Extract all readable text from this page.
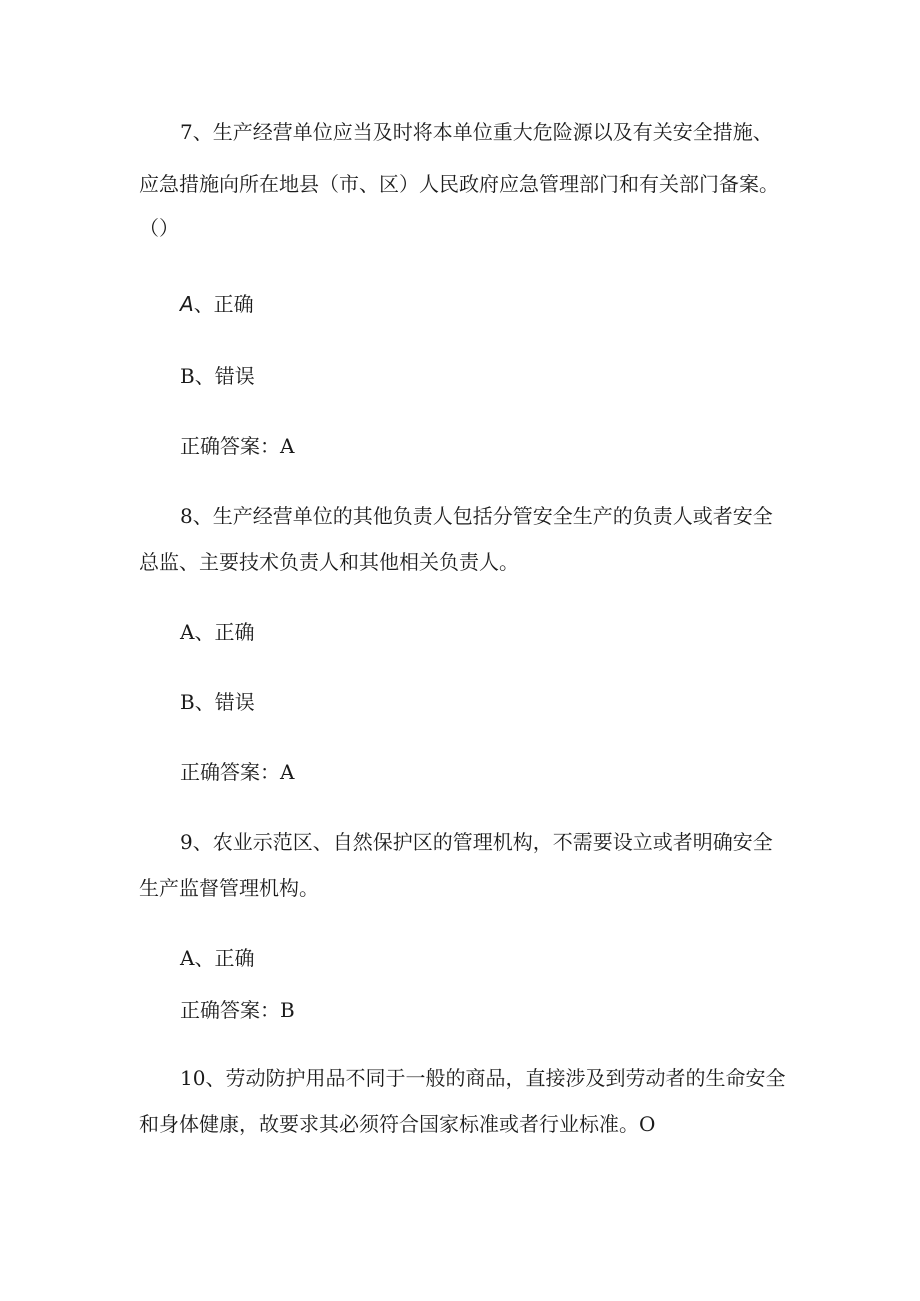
7、生产经营单位应当及时将本单位重大危险源以及有关安全措施、
应急措施向所在地县（市、区）人民政府应急管理部门和有关部门备案。
（）
A、正确
B、错误
正确答案：A
8、生产经营单位的其他负责人包括分管安全生产的负责人或者安全
总监、主要技术负责人和其他相关负责人。
A、正确
B、错误
正确答案：A
9、农业示范区、自然保护区的管理机构，不需要设立或者明确安全
生产监督管理机构。
A、正确
正确答案：B
10、劳动防护用品不同于一般的商品，直接涉及到劳动者的生命安全
和身体健康，故要求其必须符合国家标准或者行业标准。O
